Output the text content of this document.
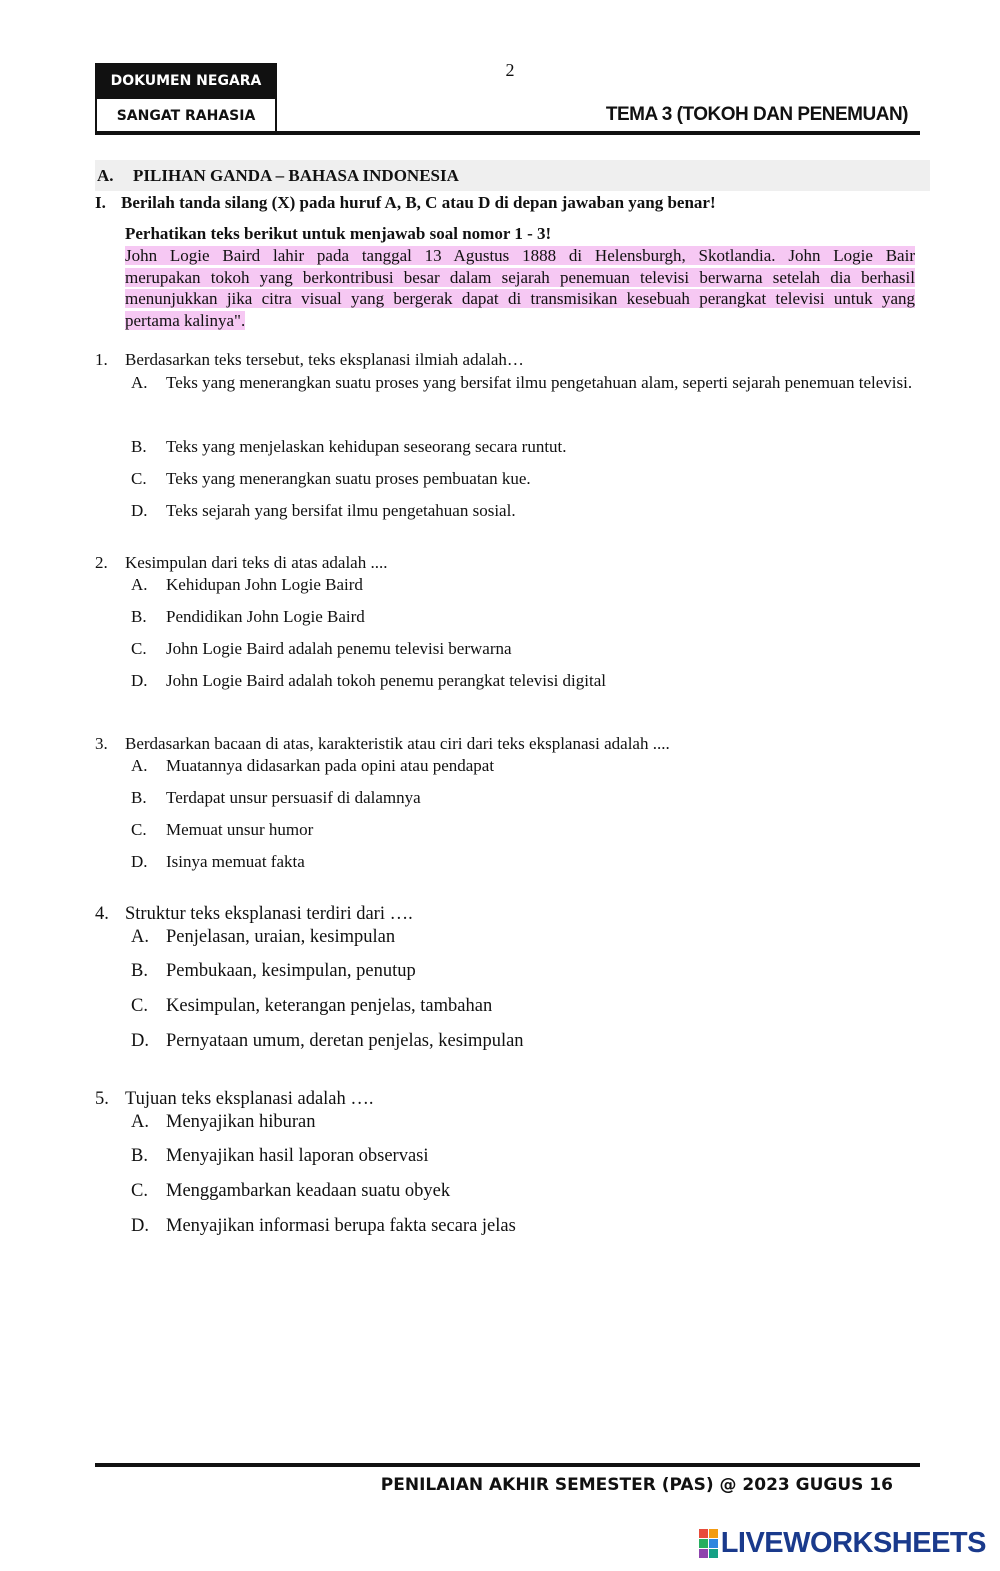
2
DOKUMEN NEGARA
SANGAT RAHASIA	TEMA 3 (TOKOH DAN PENEMUAN)
A. PILIHAN GANDA – BAHASA INDONESIA
I. Berilah tanda silang (X) pada huruf A, B, C atau D di depan jawaban yang benar!
Perhatikan teks berikut untuk menjawab soal nomor 1 - 3!
John Logie Baird lahir pada tanggal 13 Agustus 1888 di Helensburgh, Skotlandia. John Logie Bair
merupakan tokoh yang berkontribusi besar dalam sejarah penemuan televisi berwarna setelah dia berhasil
menunjukkan jika citra visual yang bergerak dapat di transmisikan kesebuah perangkat televisi untuk yang
pertama kalinya".
1. Berdasarkan teks tersebut, teks eksplanasi ilmiah adalah…
A.	Teks yang menerangkan suatu proses yang bersifat ilmu pengetahuan alam, seperti sejarah penemuan televisi.
B. Teks yang menjelaskan kehidupan seseorang secara runtut.
C. Teks yang menerangkan suatu proses pembuatan kue.
D. Teks sejarah yang bersifat ilmu pengetahuan sosial.
2. Kesimpulan dari teks di atas adalah ....
A. Kehidupan John Logie Baird
B. Pendidikan John Logie Baird
C. John Logie Baird adalah penemu televisi berwarna
D. John Logie Baird adalah tokoh penemu perangkat televisi digital
3. Berdasarkan bacaan di atas, karakteristik atau ciri dari teks eksplanasi adalah ....
A. Muatannya didasarkan pada opini atau pendapat
B. Terdapat unsur persuasif di dalamnya
C. Memuat unsur humor
D. Isinya memuat fakta
4. Struktur teks eksplanasi terdiri dari ….
A. Penjelasan, uraian, kesimpulan
B. Pembukaan, kesimpulan, penutup
C. Kesimpulan, keterangan penjelas, tambahan
D. Pernyataan umum, deretan penjelas, kesimpulan
5. Tujuan teks eksplanasi adalah ….
A. Menyajikan hiburan
B. Menyajikan hasil laporan observasi
C. Menggambarkan keadaan suatu obyek
D. Menyajikan informasi berupa fakta secara jelas
PENILAIAN AKHIR SEMESTER (PAS) @ 2023 GUGUS 16
LIVEWORKSHEETS
